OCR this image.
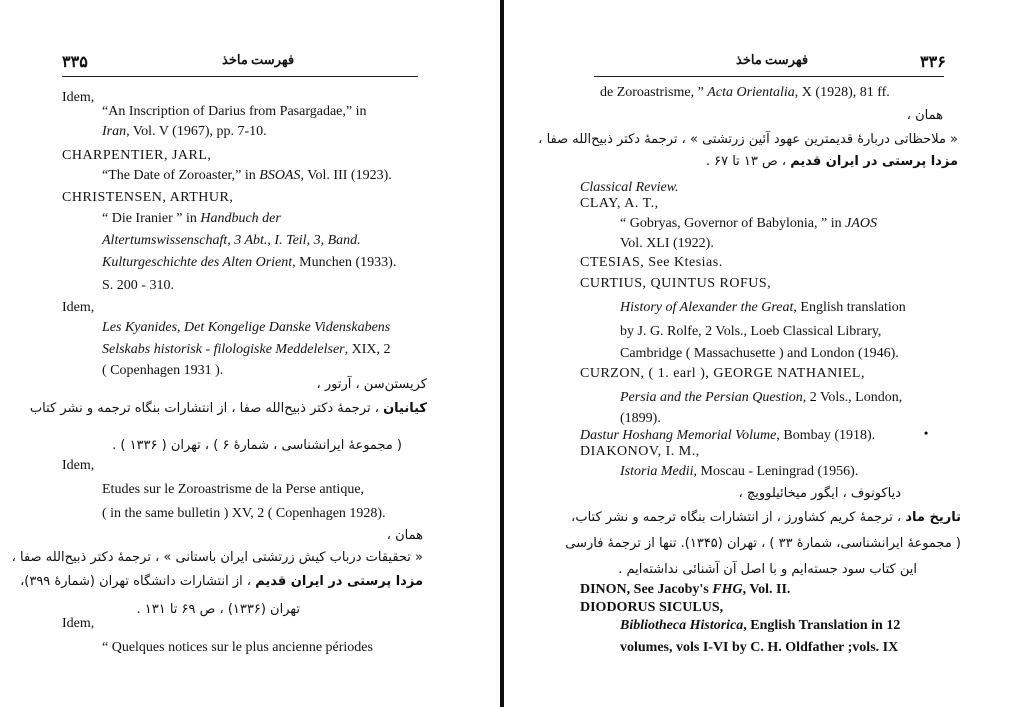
۳۳۵	فهرست ماخذ
Idem,
“An Inscription of Darius from Pasargadae,” in
Iran, Vol. V (1967), pp. 7-10.
CHARPENTIER, JARL,
“The Date of Zoroaster,” in BSOAS, Vol. III (1923).
CHRISTENSEN, ARTHUR,
“ Die Iranier ” in Handbuch der
Altertumswissenschaft, 3 Abt., I. Teil, 3, Band.
Kulturgeschichte des Alten Orient, Munchen (1933).
S. 200 - 310.
Idem,
Les Kyanides, Det Kongelige Danske Videnskabens
Selskabs historisk - filologiske Meddelelser, XIX, 2
( Copenhagen 1931 ).
کریستن‌سن ، آرتور ،
کیانیان ، ترجمهٔ دکتر ذبیح‌الله صفا ، از انتشارات بنگاه ترجمه و نشر کتاب
( مجموعهٔ ایرانشناسی ، شمارهٔ ۶ ) ، تهران ( ۱۳۳۶ ) .
Idem,
Etudes sur le Zoroastrisme de la Perse antique,
( in the same bulletin ) XV, 2 ( Copenhagen 1928).
همان ،
« تحقیقات درباب کیش زرتشتی ایران باستانی » ، ترجمهٔ دکتر ذبیح‌الله صفا ،
مزدا پرستی در ایران قدیم ، از انتشارات دانشگاه تهران (شمارهٔ ۳۹۹)،
تهران (۱۳۳۶) ، ص ۶۹ تا ۱۳۱ .
Idem,
“ Quelques notices sur le plus ancienne périodes
فهرست ماخذ	۳۳۶
de Zoroastrisme, ” Acta Orientalia, X (1928), 81 ff.
همان ،
« ملاحظاتی دربارهٔ قدیمترین عهود آئین زرتشتی » ، ترجمهٔ دکتر ذبیح‌الله صفا ،
مزدا پرستی در ایران قدیم ، ص ۱۳ تا ۶۷ .
Classical Review.
CLAY, A. T.,
“ Gobryas, Governor of Babylonia, ” in JAOS
Vol. XLI (1922).
CTESIAS, See Ktesias.
CURTIUS, QUINTUS ROFUS,
History of Alexander the Great, English translation
by J. G. Rolfe, 2 Vols., Loeb Classical Library,
Cambridge ( Massachusette ) and London (1946).
CURZON, ( 1. earl ), GEORGE NATHANIEL,
Persia and the Persian Question, 2 Vols., London,
(1899).
Dastur Hoshang Memorial Volume, Bombay (1918).
DIAKONOV, I. M.,
Istoria Medii, Moscau - Leningrad (1956).
دیاکونوف ، ایگور میخائیلوویچ ،
تاریخ ماد ، ترجمهٔ کریم کشاورز ، از انتشارات بنگاه ترجمه و نشر کتاب،
( مجموعهٔ ایرانشناسی، شمارهٔ ۳۳ ) ، تهران (۱۳۴۵). تنها از ترجمهٔ فارسی
این کتاب سود جسته‌ایم و با اصل آن آشنائی نداشته‌ایم .
DINON, See Jacoby's FHG, Vol. II.
DIODORUS SICULUS,
Bibliotheca Historica, English Translation in 12
volumes, vols I-VI by C. H. Oldfather ;vols. IX
•
